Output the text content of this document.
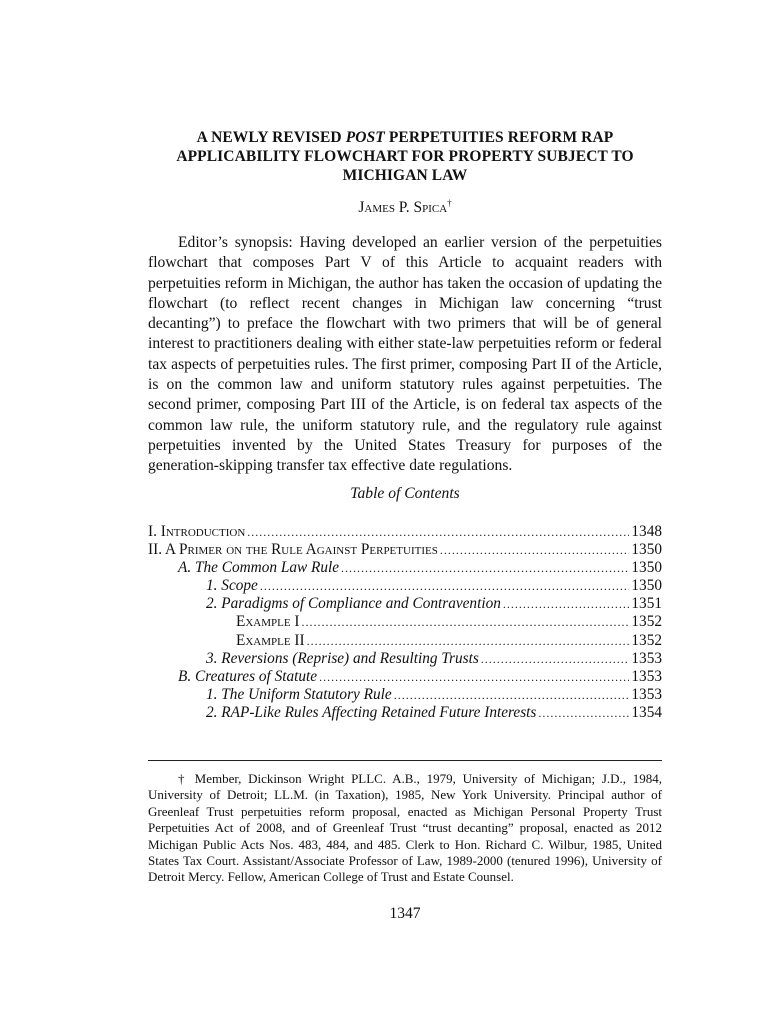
A NEWLY REVISED POST PERPETUITIES REFORM RAP APPLICABILITY FLOWCHART FOR PROPERTY SUBJECT TO MICHIGAN LAW
James P. Spica†

Editor’s synopsis: Having developed an earlier version of the perpetuities flowchart that composes Part V of this Article to acquaint readers with perpetuities reform in Michigan, the author has taken the occasion of updating the flowchart (to reflect recent changes in Michigan law concerning “trust decanting”) to preface the flowchart with two primers that will be of general interest to practitioners dealing with either state-law perpetuities reform or federal tax aspects of perpetuities rules. The first primer, composing Part II of the Article, is on the common law and uniform statutory rules against perpetuities. The second primer, composing Part III of the Article, is on federal tax aspects of the common law rule, the uniform statutory rule, and the regulatory rule against perpetuities invented by the United States Treasury for purposes of the generation-skipping transfer tax effective date regulations.

Table of Contents
I. Introduction .....	1348
II. A Primer on the Rule Against Perpetuities .....	1350
A. The Common Law Rule .....	1350
1. Scope .....	1350
2. Paradigms of Compliance and Contravention .....	1351
Example I .....	1352
Example II .....	1352
3. Reversions (Reprise) and Resulting Trusts .....	1353
B. Creatures of Statute .....	1353
1. The Uniform Statutory Rule .....	1353
2. RAP-Like Rules Affecting Retained Future Interests .....	1354

† Member, Dickinson Wright PLLC. A.B., 1979, University of Michigan; J.D., 1984, University of Detroit; LL.M. (in Taxation), 1985, New York University. Principal author of Greenleaf Trust perpetuities reform proposal, enacted as Michigan Personal Property Trust Perpetuities Act of 2008, and of Greenleaf Trust “trust decanting” proposal, enacted as 2012 Michigan Public Acts Nos. 483, 484, and 485. Clerk to Hon. Richard C. Wilbur, 1985, United States Tax Court. Assistant/Associate Professor of Law, 1989-2000 (tenured 1996), University of Detroit Mercy. Fellow, American College of Trust and Estate Counsel.

1347
